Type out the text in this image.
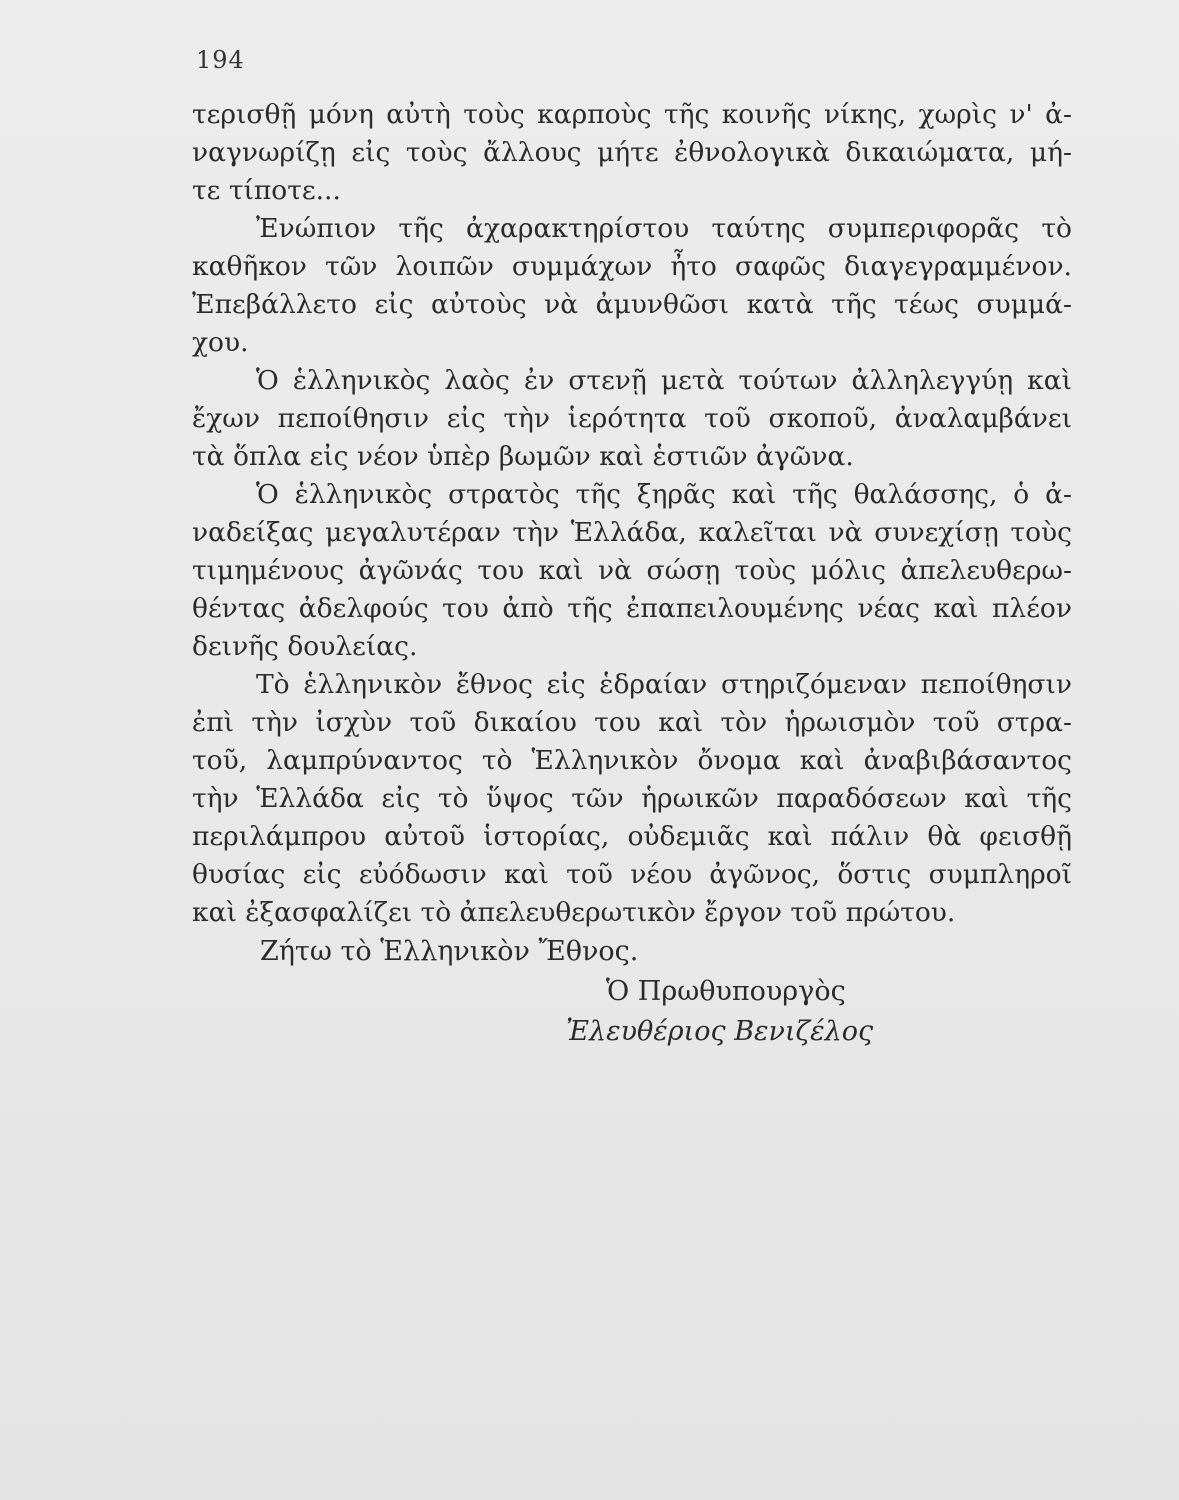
194
τερισθῇ μόνη αὐτὴ τοὺς καρποὺς τῆς κοινῆς νίκης, χωρὶς ν' ἀ-
ναγνωρίζῃ εἰς τοὺς ἄλλους μήτε ἐθνολογικὰ δικαιώματα, μή-
τε τίποτε...
Ἐνώπιον τῆς ἀχαρακτηρίστου ταύτης συμπεριφορᾶς τὸ
καθῆκον τῶν λοιπῶν συμμάχων ἦτο σαφῶς διαγεγραμμένον.
Ἐπεβάλλετο εἰς αὐτοὺς νὰ ἀμυνθῶσι κατὰ τῆς τέως συμμά-
χου.
Ὁ ἑλληνικὸς λαὸς ἐν στενῇ μετὰ τούτων ἀλληλεγγύῃ καὶ
ἔχων πεποίθησιν εἰς τὴν ἱερότητα τοῦ σκοποῦ, ἀναλαμβάνει
τὰ ὅπλα εἰς νέον ὑπὲρ βωμῶν καὶ ἑστιῶν ἀγῶνα.
Ὁ ἑλληνικὸς στρατὸς τῆς ξηρᾶς καὶ τῆς θαλάσσης, ὁ ἀ-
ναδείξας μεγαλυτέραν τὴν Ἑλλάδα, καλεῖται νὰ συνεχίσῃ τοὺς
τιμημένους ἀγῶνάς του καὶ νὰ σώσῃ τοὺς μόλις ἀπελευθερω-
θέντας ἀδελφούς του ἀπὸ τῆς ἐπαπειλουμένης νέας καὶ πλέον
δεινῆς δουλείας.
Τὸ ἑλληνικὸν ἔθνος εἰς ἑδραίαν στηριζόμεναν πεποίθησιν
ἐπὶ τὴν ἰσχὺν τοῦ δικαίου του καὶ τὸν ἡρωισμὸν τοῦ στρα-
τοῦ, λαμπρύναντος τὸ Ἑλληνικὸν ὄνομα καὶ ἀναβιβάσαντος
τὴν Ἑλλάδα εἰς τὸ ὕψος τῶν ἡρωικῶν παραδόσεων καὶ τῆς
περιλάμπρου αὐτοῦ ἱστορίας, οὐδεμιᾶς καὶ πάλιν θὰ φεισθῇ
θυσίας εἰς εὐόδωσιν καὶ τοῦ νέου ἀγῶνος, ὅστις συμπληροῖ
καὶ ἐξασφαλίζει τὸ ἀπελευθερωτικὸν ἔργον τοῦ πρώτου.
Ζήτω τὸ Ἑλληνικὸν Ἔθνος.
Ὁ Πρωθυπουργὸς
Ἐλευθέριος Βενιζέλος
